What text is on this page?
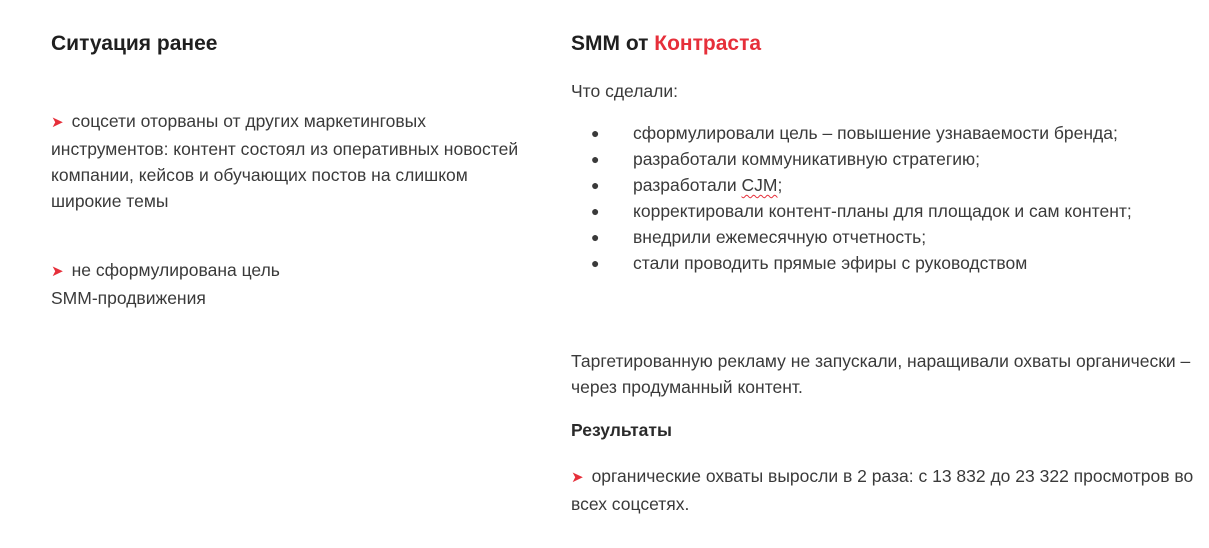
Ситуация ранее

➤ соцсети оторваны от других маркетинговых инструментов: контент состоял из оперативных новостей компании, кейсов и обучающих постов на слишком широкие темы

➤ не сформулирована цель
SMM-продвижения

SMM от Контраста

Что сделали:

● сформулировали цель – повышение узнаваемости бренда;
● разработали коммуникативную стратегию;
● разработали CJM;
● корректировали контент-планы для площадок и сам контент;
● внедрили ежемесячную отчетность;
● стали проводить прямые эфиры с руководством

Таргетированную рекламу не запускали, наращивали охваты органически – через продуманный контент.

Результаты

➤ органические охваты выросли в 2 раза: с 13 832 до 23 322 просмотров во всех соцсетях.
